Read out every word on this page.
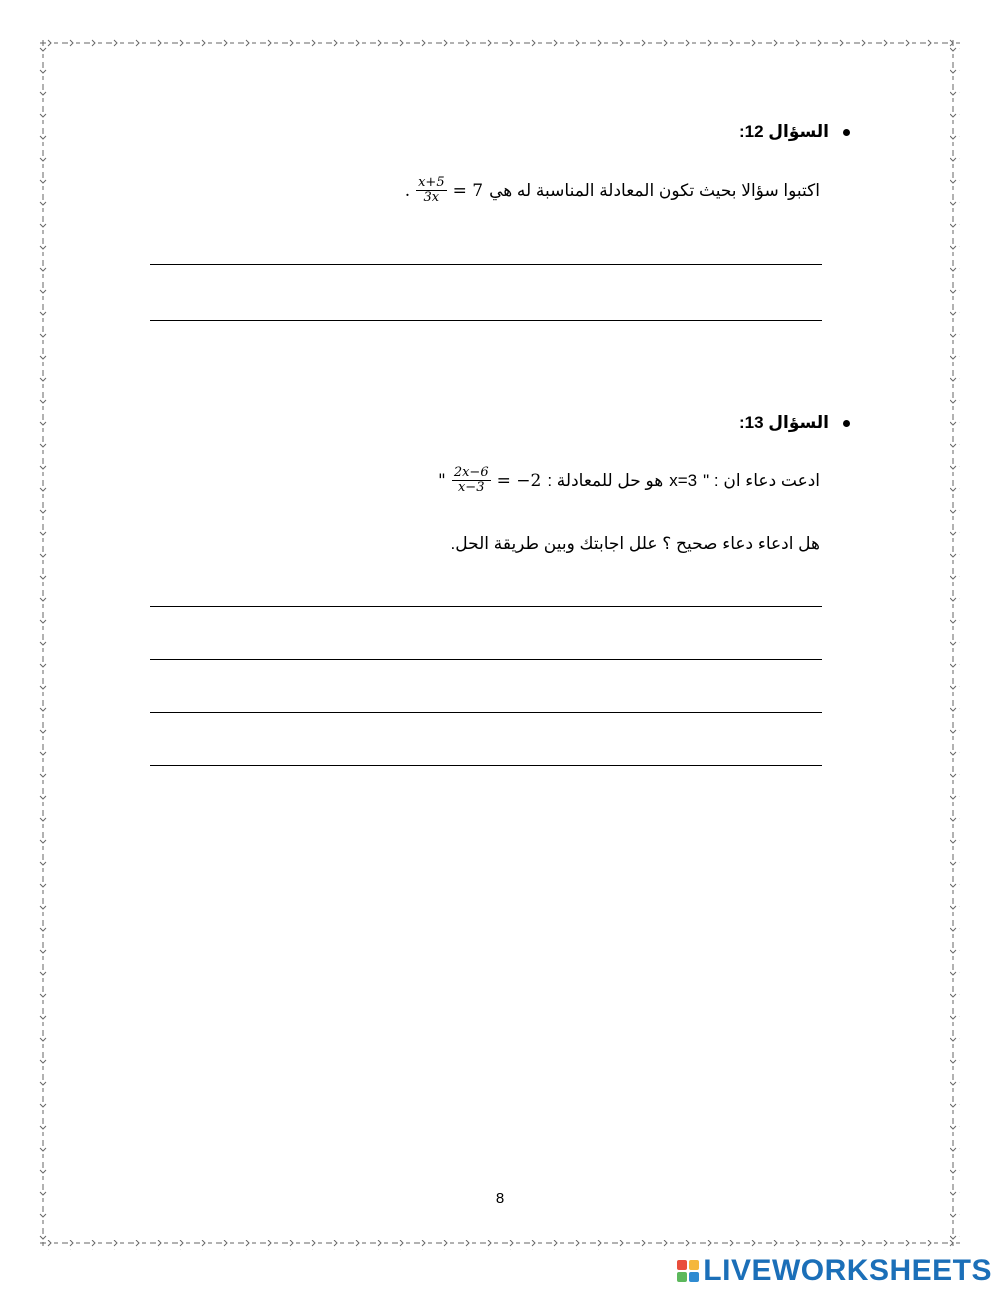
السؤال 12:
اكتبوا سؤالا بحيث تكون المعادلة المناسبة له هي
= 7
$\frac{x+5}{3x}$
.
السؤال 13:
ادعت دعاء ان : "
x=3
هو حل للمعادلة :
= −2
$\frac{2x-6}{x-3}$
"
هل ادعاء دعاء صحيح ؟ علل اجابتك وبين طريقة الحل.
8
LIVEWORKSHEETS
